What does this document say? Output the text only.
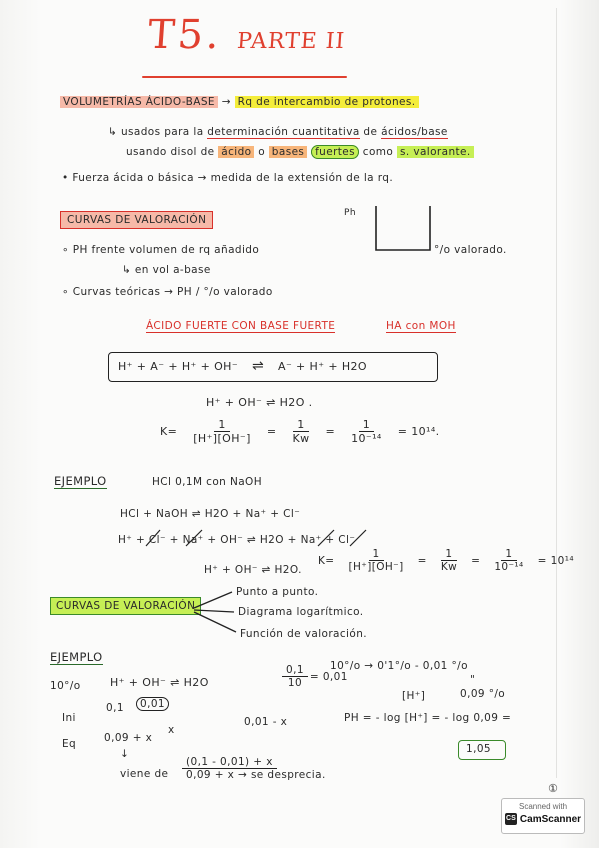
T5. PARTE II
VOLUMETRÍAS ÁCIDO-BASE → Rq de intercambio de protones.
↳ usados para la determinación cuantitativa de ácidos/base
usando disol de ácido o bases fuertes como s. valorante.
• Fuerza ácida o básica → medida de la extensión de la rq.
CURVAS DE VALORACIÓN
∘ PH frente volumen de rq añadido
↳ en vol a-base
∘ Curvas teóricas → PH / °/o valorado
Ph
°/o valorado.
ÁCIDO FUERTE CON BASE FUERTE	HA con MOH
H⁺ + A⁻ + H⁺ + OH⁻ ⇌ A⁻ + H⁺ + H2O
H⁺ + OH⁻ ⇌ H2O .
$K= \frac{1}{[H^+][OH^-]} = \frac{1}{Kw} = \frac{1}{\text{10⁻¹⁴}} = 10^{14}$.
EJEMPLO	HCl 0,1M con NaOH
HCl + NaOH ⇌ H2O + Na⁺ + Cl⁻
H⁺ + Cl⁻ + Na⁺ + OH⁻ ⇌ H2O + Na⁺ + Cl⁻
H⁺ + OH⁻ ⇌ H2O.
$K= \frac{1}{[H^+][OH^-]} = \frac{1}{Kw} = \frac{1}{\text{10⁻¹⁴}} = 10^{14}$
CURVAS DE VALORACIÓN
Punto a punto.
Diagrama logarítmico.
Función de valoración.
EJEMPLO
10°/o	H⁺ + OH⁻ ⇌ H2O	$\frac{0,1}{10} = 0,01$
10°/o → 0'1°/o - 0,01 °/o
"
[H⁺]	0,09 °/o
Ini
0,1	0,01
x
0,01 - x
Eq	0,09 + x
↓
viene de $\frac{(0,1 - 0,01) + x}{\text{0,09 + x → se desprecia.}}$
PH = - log [H⁺] = - log 0,09 =
1,05
①
Scanned with
CS CamScanner
